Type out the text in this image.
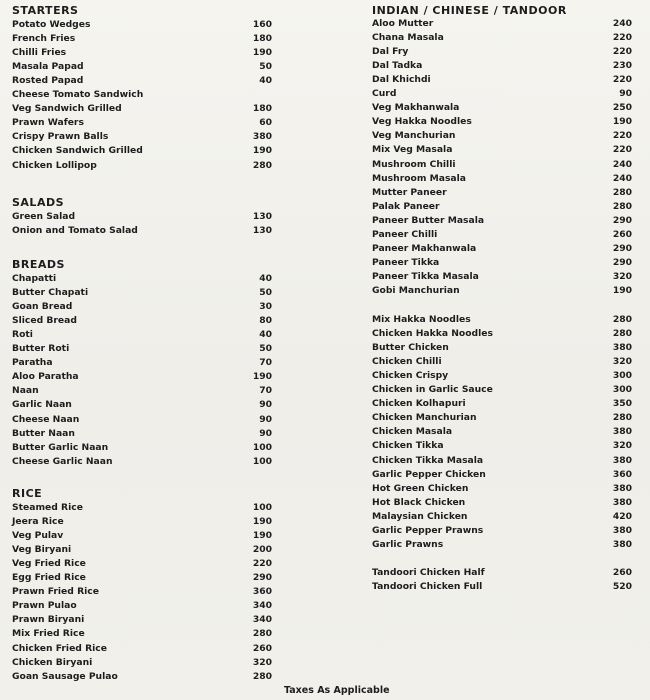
STARTERS
Potato Wedges	160
French Fries	180
Chilli Fries	190
Masala Papad	50
Rosted Papad	40
Cheese Tomato Sandwich
Veg Sandwich Grilled	180
Prawn Wafers	60
Crispy Prawn Balls	380
Chicken Sandwich Grilled	190
Chicken Lollipop	280
SALADS
Green Salad	130
Onion and Tomato Salad	130
BREADS
Chapatti	40
Butter Chapati	50
Goan Bread	30
Sliced Bread	80
Roti	40
Butter Roti	50
Paratha	70
Aloo Paratha	190
Naan	70
Garlic Naan	90
Cheese Naan	90
Butter Naan	90
Butter Garlic Naan	100
Cheese Garlic Naan	100
RICE
Steamed Rice	100
Jeera Rice	190
Veg Pulav	190
Veg Biryani	200
Veg Fried Rice	220
Egg Fried Rice	290
Prawn Fried Rice	360
Prawn Pulao	340
Prawn Biryani	340
Mix Fried Rice	280
Chicken Fried Rice	260
Chicken Biryani	320
Goan Sausage Pulao	280
INDIAN / CHINESE / TANDOOR
Aloo Mutter	240
Chana Masala	220
Dal Fry	220
Dal Tadka	230
Dal Khichdi	220
Curd	90
Veg Makhanwala	250
Veg Hakka Noodles	190
Veg Manchurian	220
Mix Veg Masala	220
Mushroom Chilli	240
Mushroom Masala	240
Mutter Paneer	280
Palak Paneer	280
Paneer Butter Masala	290
Paneer Chilli	260
Paneer Makhanwala	290
Paneer Tikka	290
Paneer Tikka Masala	320
Gobi Manchurian	190
Mix Hakka Noodles	280
Chicken Hakka Noodles	280
Butter Chicken	380
Chicken Chilli	320
Chicken Crispy	300
Chicken in Garlic Sauce	300
Chicken Kolhapuri	350
Chicken Manchurian	280
Chicken Masala	380
Chicken Tikka	320
Chicken Tikka Masala	380
Garlic Pepper Chicken	360
Hot Green Chicken	380
Hot Black Chicken	380
Malaysian Chicken	420
Garlic Pepper Prawns	380
Garlic Prawns	380
Tandoori Chicken Half	260
Tandoori Chicken Full	520
Taxes As Applicable
